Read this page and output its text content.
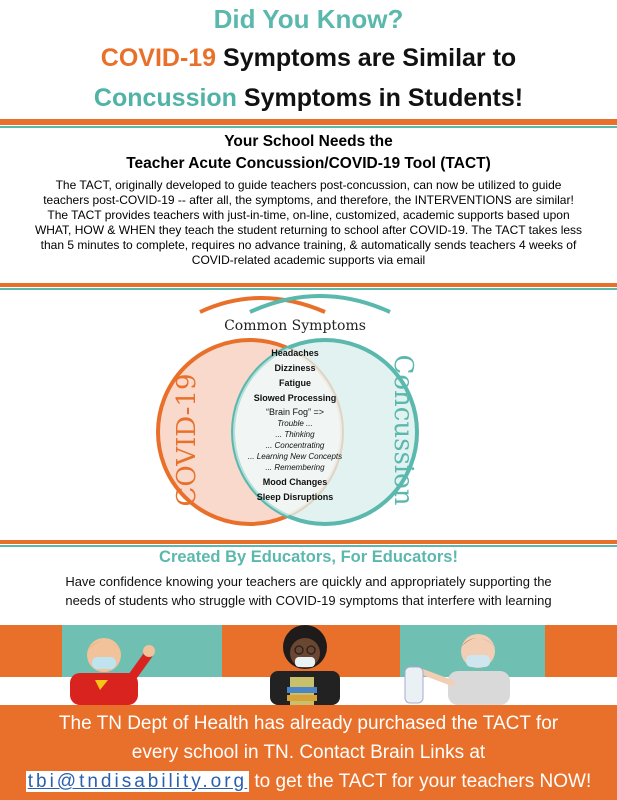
Did You Know?
COVID-19 Symptoms are Similar to
Concussion Symptoms in Students!
Your School Needs the
Teacher Acute Concussion/COVID-19 Tool (TACT)
The TACT, originally developed to guide teachers post-concussion, can now be utilized to guide
teachers post-COVID-19 -- after all, the symptoms, and therefore, the INTERVENTIONS are similar!
The TACT provides teachers with just-in-time, on-line, customized, academic supports based upon
WHAT, HOW & WHEN they teach the student returning to school after COVID-19. The TACT takes less
than 5 minutes to complete, requires no advance training, & automatically sends teachers 4 weeks of
COVID-related academic supports via email
Common Symptoms
COVID-19	Concussion
Headaches
Dizziness
Fatigue
Slowed Processing
“Brain Fog” =>
Trouble ...
... Thinking
... Concentrating
... Learning New Concepts
... Remembering
Mood Changes
Sleep Disruptions
Created By Educators, For Educators!
Have confidence knowing your teachers are quickly and appropriately supporting the
needs of students who struggle with COVID-19 symptoms that interfere with learning
The TN Dept of Health has already purchased the TACT for
every school in TN. Contact Brain Links at
tbi@tndisability.org to get the TACT for your teachers NOW!
